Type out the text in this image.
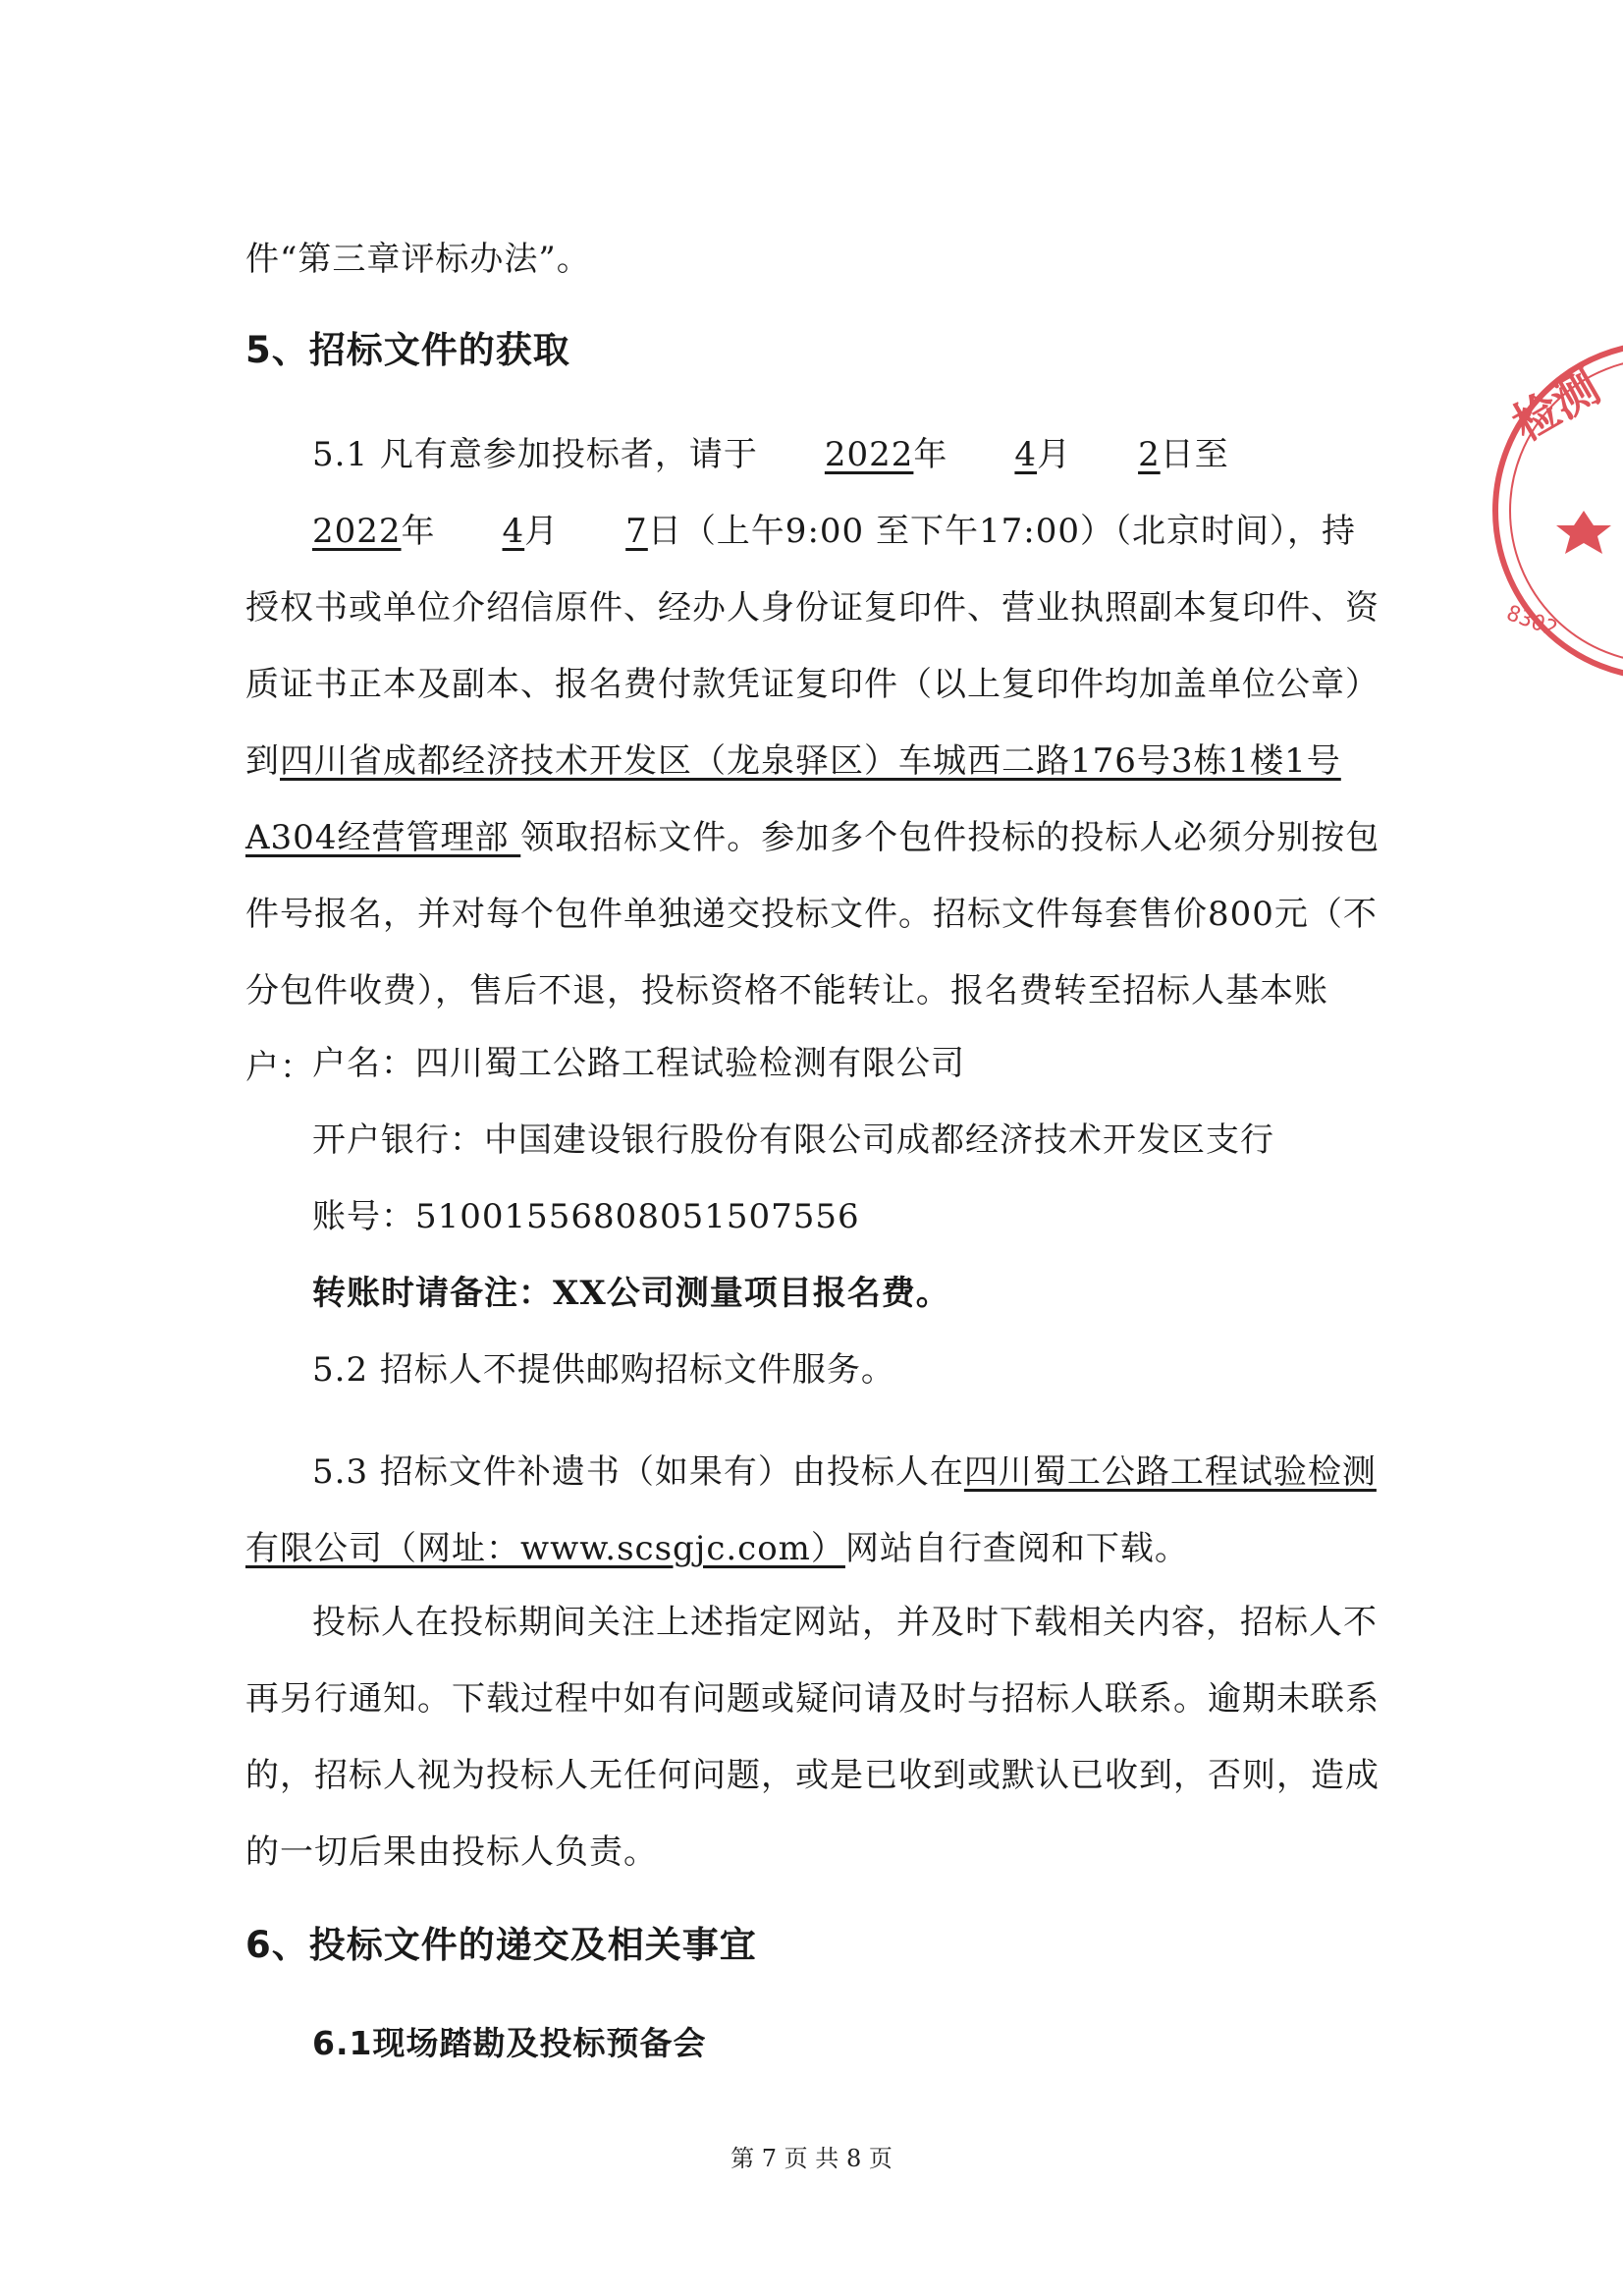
件“第三章评标办法”。

5、招标文件的获取

5.1 凡有意参加投标者，请于 2022年 4月 2日至2022年 4月 7日（上午9:00 至下午17:00）（北京时间），持授权书或单位介绍信原件、经办人身份证复印件、营业执照副本复印件、资质证书正本及副本、报名费付款凭证复印件（以上复印件均加盖单位公章）到四川省成都经济技术开发区（龙泉驿区）车城西二路176号3栋1楼1号A304经营管理部 领取招标文件。参加多个包件投标的投标人必须分别按包件号报名，并对每个包件单独递交投标文件。招标文件每套售价800元（不分包件收费），售后不退，投标资格不能转让。报名费转至招标人基本账户：

户名：四川蜀工公路工程试验检测有限公司

开户银行：中国建设银行股份有限公司成都经济技术开发区支行

账号：51001556808051507556

转账时请备注：XX公司测量项目报名费。

5.2 招标人不提供邮购招标文件服务。

5.3 招标文件补遗书（如果有）由投标人在四川蜀工公路工程试验检测有限公司（网址：www.scsgjc.com）网站自行查阅和下载。

投标人在投标期间关注上述指定网站，并及时下载相关内容，招标人不再另行通知。下载过程中如有问题或疑问请及时与招标人联系。逾期未联系的，招标人视为投标人无任何问题，或是已收到或默认已收到，否则，造成的一切后果由投标人负责。

6、投标文件的递交及相关事宜

6.1现场踏勘及投标预备会

第 7 页 共 8 页
检测
8302
